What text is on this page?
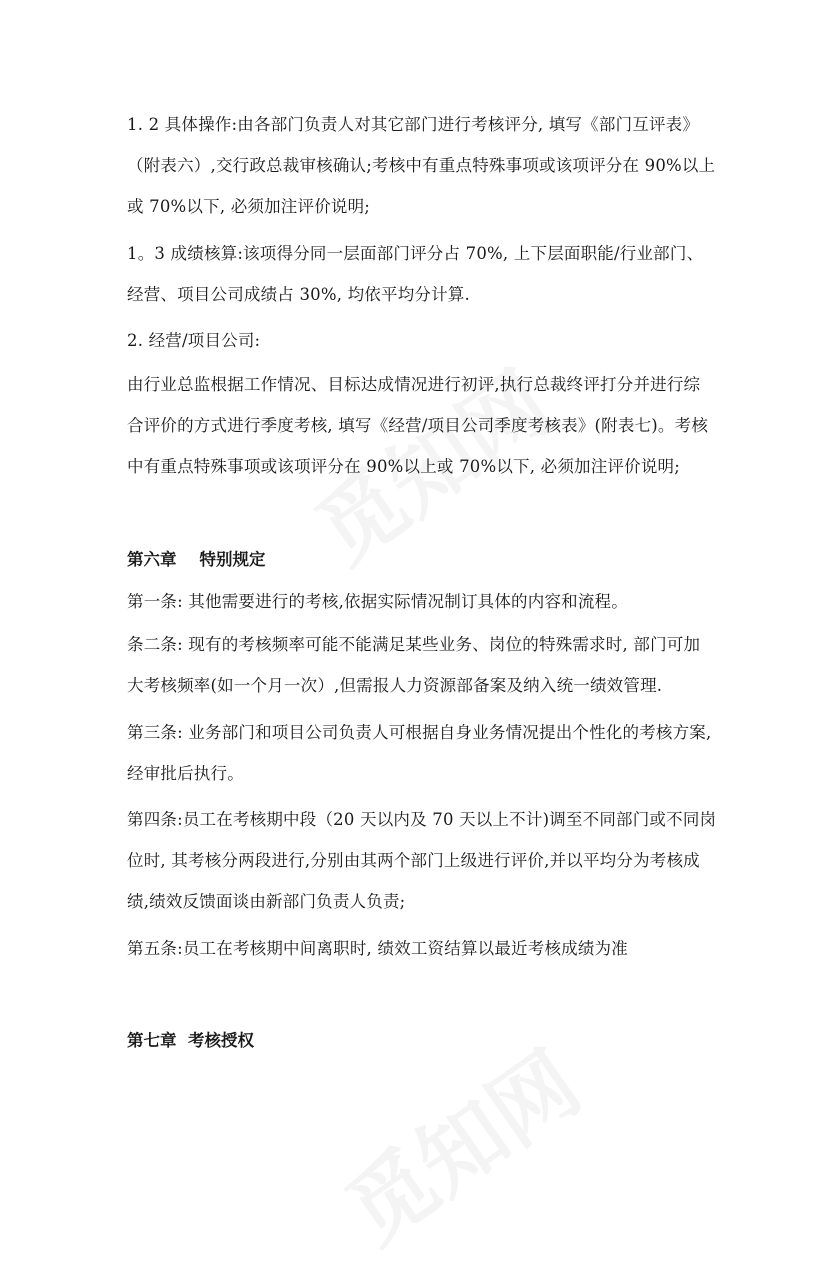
1. 2 具体操作:由各部门负责人对其它部门进行考核评分, 填写《部门互评表》
（附表六）,交行政总裁审核确认;考核中有重点特殊事项或该项评分在 90%以上
或 70%以下, 必须加注评价说明;
1。3 成绩核算:该项得分同一层面部门评分占 70%, 上下层面职能/行业部门、
经营、项目公司成绩占 30%, 均依平均分计算.
2. 经营/项目公司:
由行业总监根据工作情况、目标达成情况进行初评,执行总裁终评打分并进行综
合评价的方式进行季度考核, 填写《经营/项目公司季度考核表》(附表七)。考核
中有重点特殊事项或该项评分在 90%以上或 70%以下, 必须加注评价说明;
第六章    特别规定
第一条: 其他需要进行的考核,依据实际情况制订具体的内容和流程。
条二条: 现有的考核频率可能不能满足某些业务、岗位的特殊需求时, 部门可加
大考核频率(如一个月一次）,但需报人力资源部备案及纳入统一绩效管理.
第三条: 业务部门和项目公司负责人可根据自身业务情况提出个性化的考核方案,
经审批后执行。
第四条:员工在考核期中段（20 天以内及 70 天以上不计)调至不同部门或不同岗
位时, 其考核分两段进行,分别由其两个部门上级进行评价,并以平均分为考核成
绩,绩效反馈面谈由新部门负责人负责;
第五条:员工在考核期中间离职时, 绩效工资结算以最近考核成绩为准
第七章  考核授权
